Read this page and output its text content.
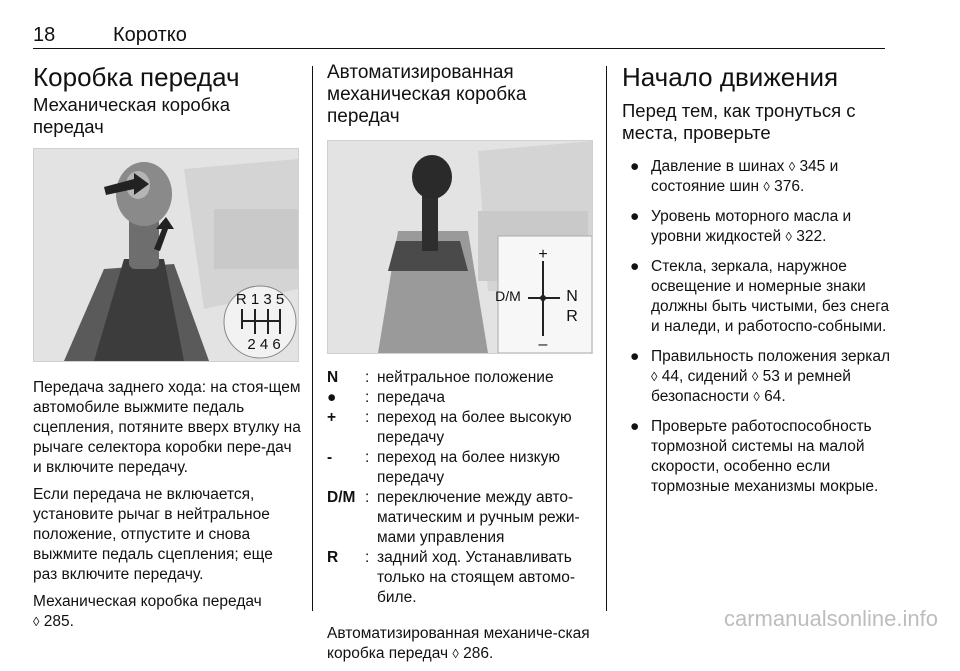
18	Коротко
Коробка передач
Механическая коробка передач
R 1 3 5
2 4 6

Передача заднего хода: на стоя-щем автомобиле выжмите педаль сцепления, потяните вверх втулку на рычаге селектора коробки пере-дач и включите передачу.

Если передача не включается, установите рычаг в нейтральное положение, отпустите и снова выжмите педаль сцепления; еще раз включите передачу.

Механическая коробка передач
◊ 285.

Автоматизированная механическая коробка передач
+
–
D/M	N
R
N	: нейтральное положение
●	: передача
+	: переход на более высокую передачу
-	: переход на более низкую передачу
D/M : переключение между авто-матическим и ручным режи-мами управления
R	: задний ход. Устанавливать только на стоящем автомо-биле.

Автоматизированная механиче-ская коробка передач ◊ 286.

Начало движения
Перед тем, как тронуться с места, проверьте
● Давление в шинах ◊ 345 и состояние шин ◊ 376.
● Уровень моторного масла и уровни жидкостей ◊ 322.
● Стекла, зеркала, наружное освещение и номерные знаки должны быть чистыми, без снега и наледи, и работоспо-собными.
● Правильность положения зеркал ◊ 44, сидений ◊ 53 и ремней безопасности ◊ 64.
● Проверьте работоспособность тормозной системы на малой скорости, особенно если тормозные механизмы мокрые.
carmanualsonline.info
